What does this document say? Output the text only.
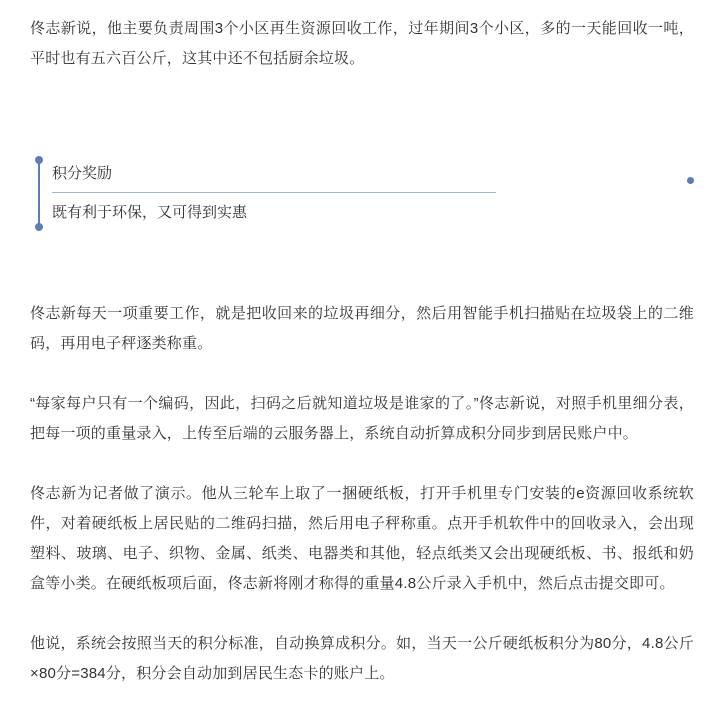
佟志新说，他主要负责周围3个小区再生资源回收工作，过年期间3个小区，多的一天能回收一吨，平时也有五六百公斤，这其中还不包括厨余垃圾。

积分奖励
既有利于环保，又可得到实惠

佟志新每天一项重要工作，就是把收回来的垃圾再细分，然后用智能手机扫描贴在垃圾袋上的二维码，再用电子秤逐类称重。

“每家每户只有一个编码，因此，扫码之后就知道垃圾是谁家的了。”佟志新说，对照手机里细分表，把每一项的重量录入，上传至后端的云服务器上，系统自动折算成积分同步到居民账户中。

佟志新为记者做了演示。他从三轮车上取了一捆硬纸板，打开手机里专门安装的e资源回收系统软件，对着硬纸板上居民贴的二维码扫描，然后用电子秤称重。点开手机软件中的回收录入，会出现塑料、玻璃、电子、织物、金属、纸类、电器类和其他，轻点纸类又会出现硬纸板、书、报纸和奶盒等小类。在硬纸板项后面，佟志新将刚才称得的重量4.8公斤录入手机中，然后点击提交即可。

他说，系统会按照当天的积分标准，自动换算成积分。如，当天一公斤硬纸板积分为80分，4.8公斤×80分=384分，积分会自动加到居民生态卡的账户上。
